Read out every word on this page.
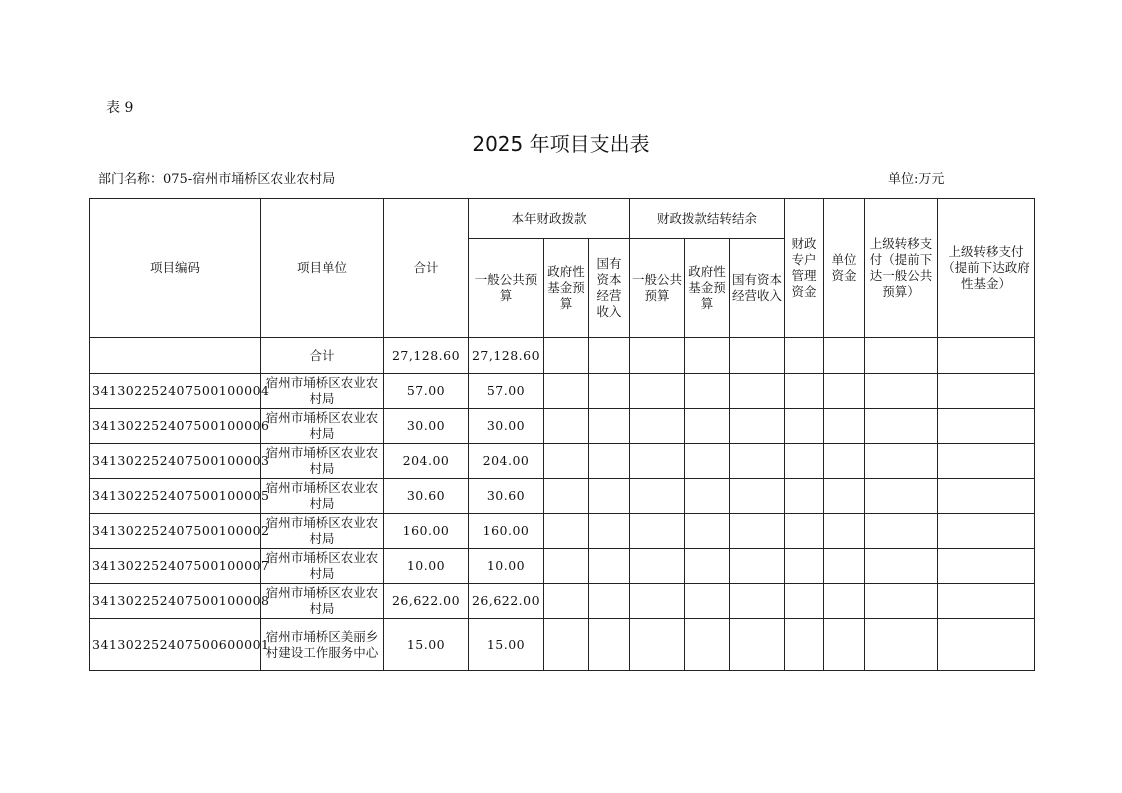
表 9
2025 年项目支出表
部门名称：075-宿州市埇桥区农业农村局	单位:万元
项目编码	项目单位	合计	本年财政拨款			财政拨款结转结余			财政专户管理资金	单位资金	上级转移支付（提前下达一般公共预算）	上级转移支付（提前下达政府性基金）
			一般公共预算	政府性基金预算	国有资本经营收入	一般公共预算	政府性基金预算	国有资本经营收入				
	合计	27,128.60	27,128.60									
341302252407500100004	宿州市埇桥区农业农村局	57.00	57.00									
341302252407500100006	宿州市埇桥区农业农村局	30.00	30.00									
341302252407500100003	宿州市埇桥区农业农村局	204.00	204.00									
341302252407500100005	宿州市埇桥区农业农村局	30.60	30.60									
341302252407500100002	宿州市埇桥区农业农村局	160.00	160.00									
341302252407500100007	宿州市埇桥区农业农村局	10.00	10.00									
341302252407500100008	宿州市埇桥区农业农村局	26,622.00	26,622.00									
341302252407500600001	宿州市埇桥区美丽乡村建设工作服务中心	15.00	15.00									
